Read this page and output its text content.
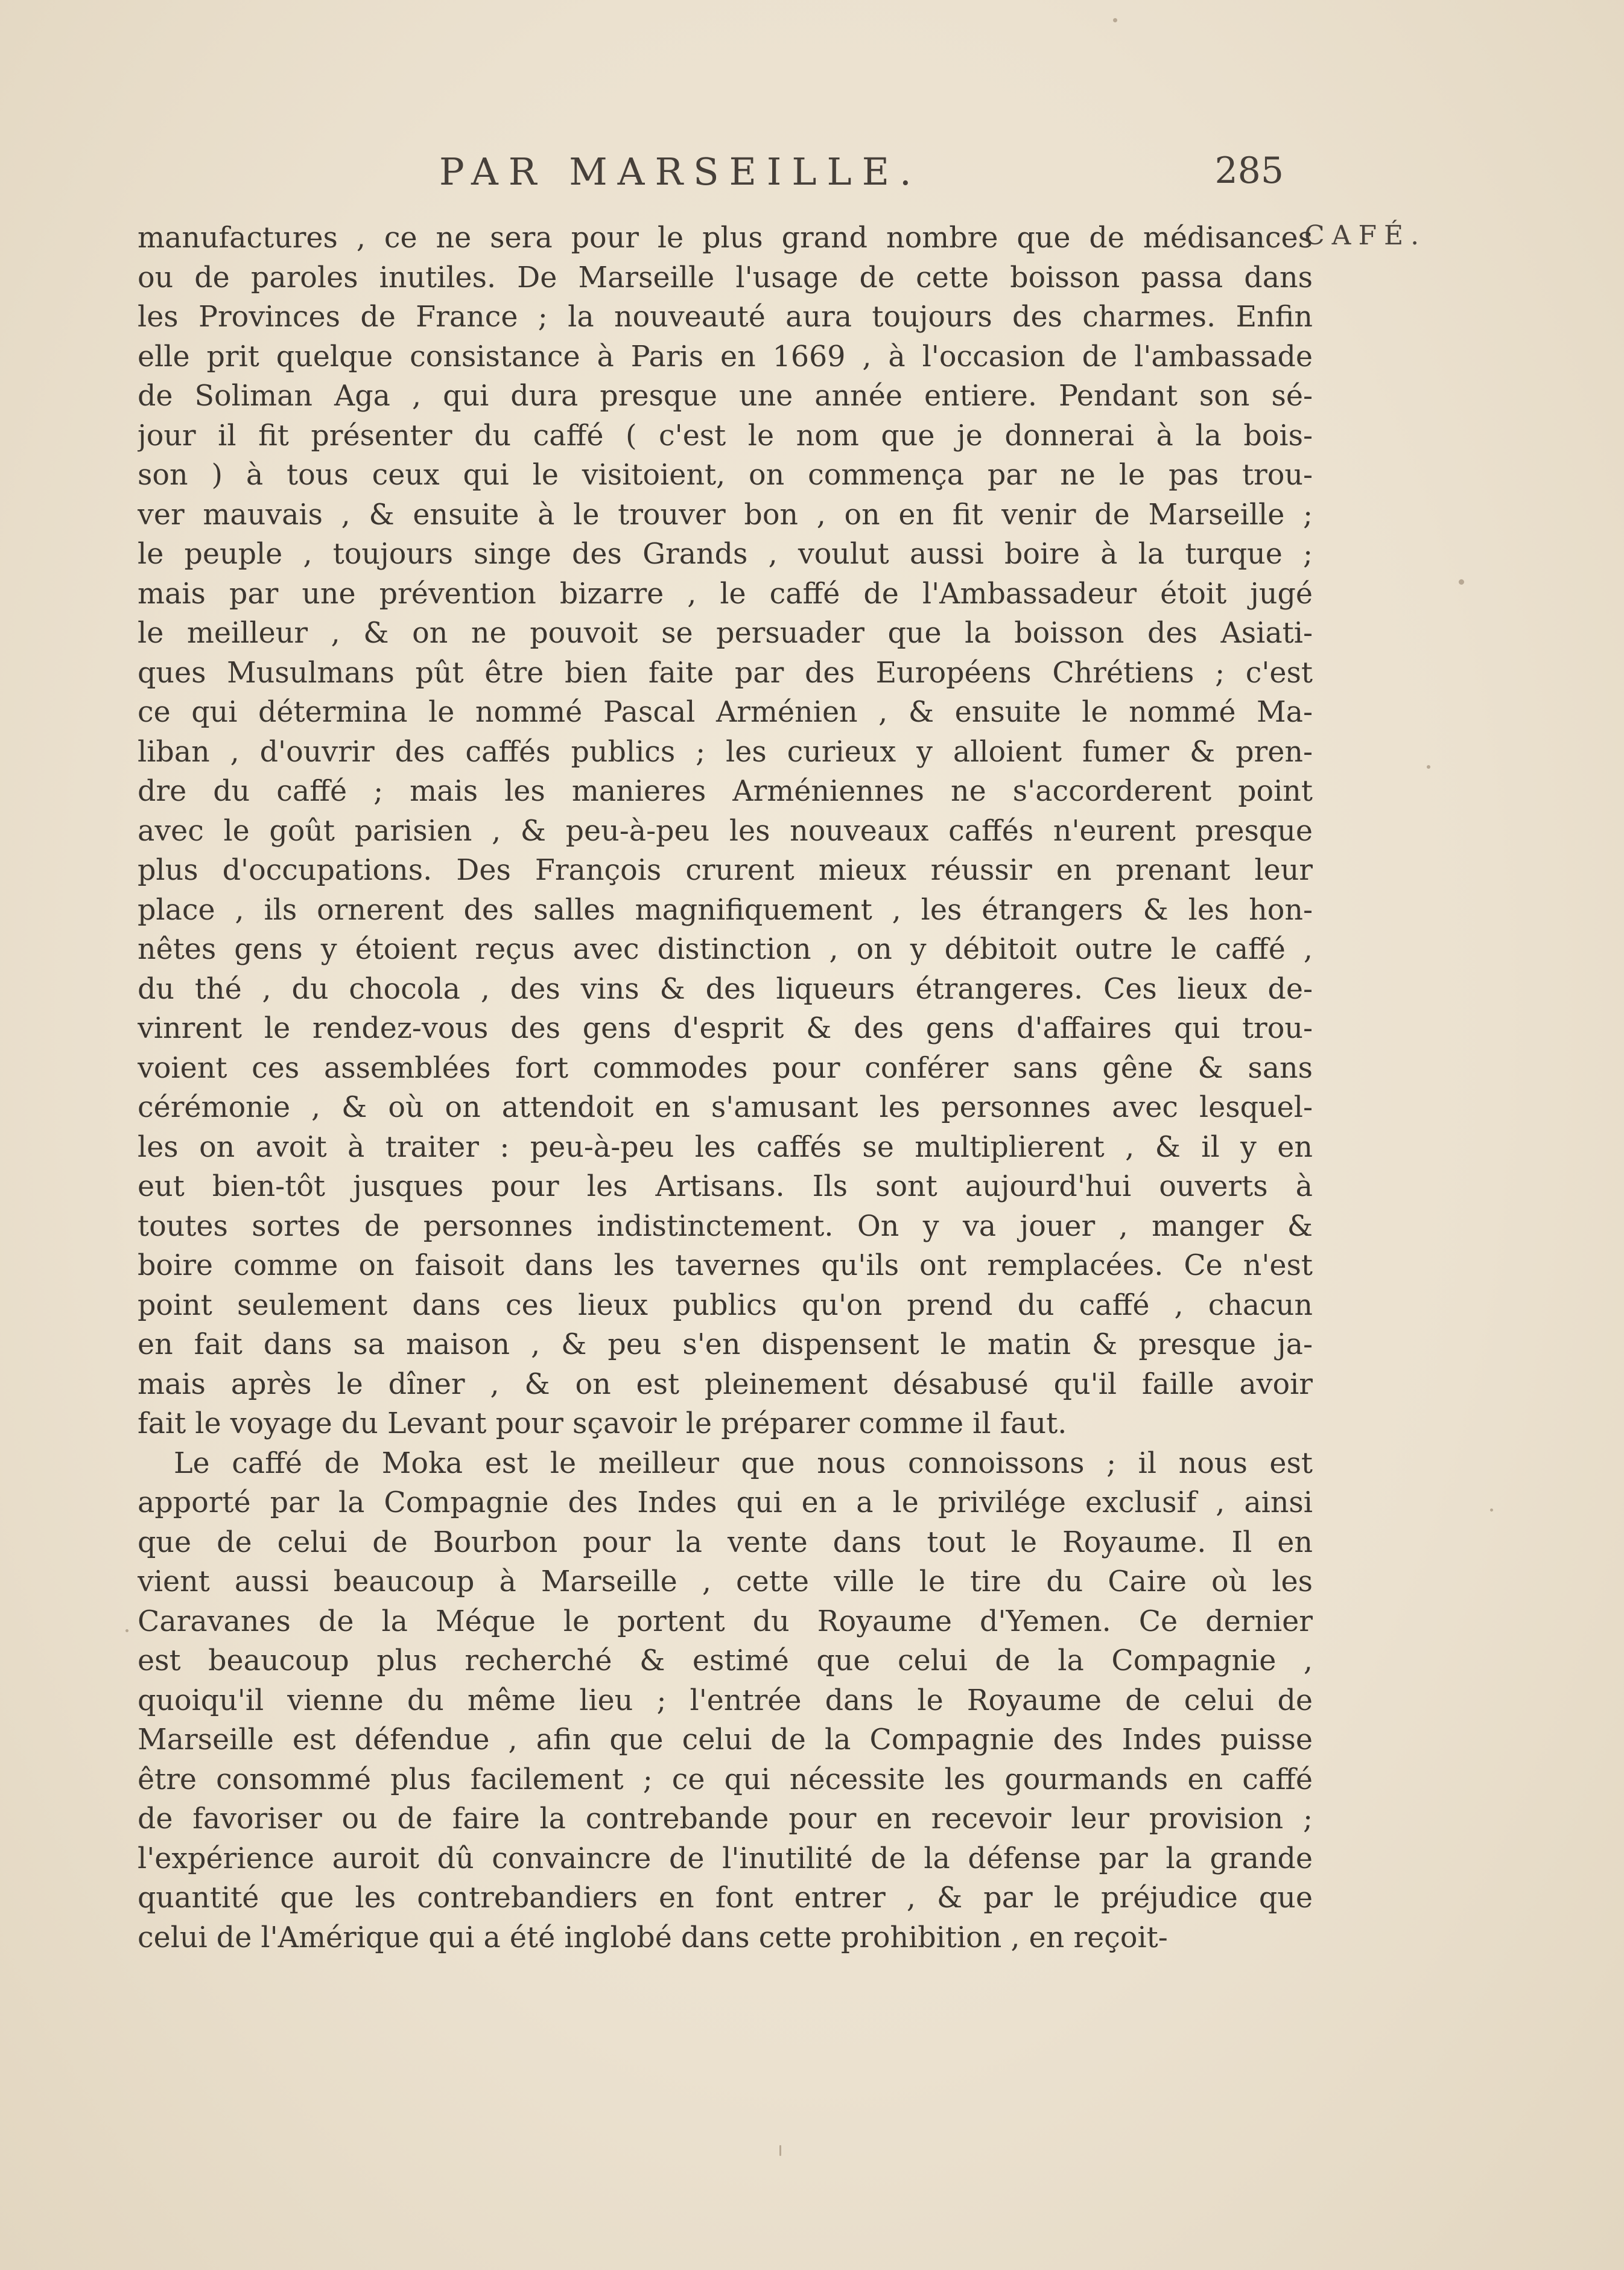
PAR MARSEILLE.	285
CAFÉ.
manufactures , ce ne sera pour le plus grand nombre que de médisances
ou de paroles inutiles. De Marseille l'usage de cette boisson passa dans
les Provinces de France ; la nouveauté aura toujours des charmes. Enfin
elle prit quelque consistance à Paris en 1669 , à l'occasion de l'ambassade
de Soliman Aga , qui dura presque une année entiere. Pendant son sé-
jour il fit présenter du caffé ( c'est le nom que je donnerai à la bois-
son ) à tous ceux qui le visitoient, on commença par ne le pas trou-
ver mauvais , & ensuite à le trouver bon , on en fit venir de Marseille ;
le peuple , toujours singe des Grands , voulut aussi boire à la turque ;
mais par une prévention bizarre , le caffé de l'Ambassadeur étoit jugé
le meilleur , & on ne pouvoit se persuader que la boisson des Asiati-
ques Musulmans pût être bien faite par des Européens Chrétiens ; c'est
ce qui détermina le nommé Pascal Arménien , & ensuite le nommé Ma-
liban , d'ouvrir des caffés publics ; les curieux y alloient fumer & pren-
dre du caffé ; mais les manieres Arméniennes ne s'accorderent point
avec le goût parisien , & peu-à-peu les nouveaux caffés n'eurent presque
plus d'occupations. Des François crurent mieux réussir en prenant leur
place , ils ornerent des salles magnifiquement , les étrangers & les hon-
nêtes gens y étoient reçus avec distinction , on y débitoit outre le caffé ,
du thé , du chocola , des vins & des liqueurs étrangeres. Ces lieux de-
vinrent le rendez-vous des gens d'esprit & des gens d'affaires qui trou-
voient ces assemblées fort commodes pour conférer sans gêne & sans
cérémonie , & où on attendoit en s'amusant les personnes avec lesquel-
les on avoit à traiter : peu-à-peu les caffés se multiplierent , & il y en
eut bien-tôt jusques pour les Artisans. Ils sont aujourd'hui ouverts à
toutes sortes de personnes indistinctement. On y va jouer , manger &
boire comme on faisoit dans les tavernes qu'ils ont remplacées. Ce n'est
point seulement dans ces lieux publics qu'on prend du caffé , chacun
en fait dans sa maison , & peu s'en dispensent le matin & presque ja-
mais après le dîner , & on est pleinement désabusé qu'il faille avoir
fait le voyage du Levant pour sçavoir le préparer comme il faut.
Le caffé de Moka est le meilleur que nous connoissons ; il nous est
apporté par la Compagnie des Indes qui en a le privilége exclusif , ainsi
que de celui de Bourbon pour la vente dans tout le Royaume. Il en
vient aussi beaucoup à Marseille , cette ville le tire du Caire où les
Caravanes de la Méque le portent du Royaume d'Yemen. Ce dernier
est beaucoup plus recherché & estimé que celui de la Compagnie ,
quoiqu'il vienne du même lieu ; l'entrée dans le Royaume de celui de
Marseille est défendue , afin que celui de la Compagnie des Indes puisse
être consommé plus facilement ; ce qui nécessite les gourmands en caffé
de favoriser ou de faire la contrebande pour en recevoir leur provision ;
l'expérience auroit dû convaincre de l'inutilité de la défense par la grande
quantité que les contrebandiers en font entrer , & par le préjudice que
celui de l'Amérique qui a été inglobé dans cette prohibition , en reçoit-
